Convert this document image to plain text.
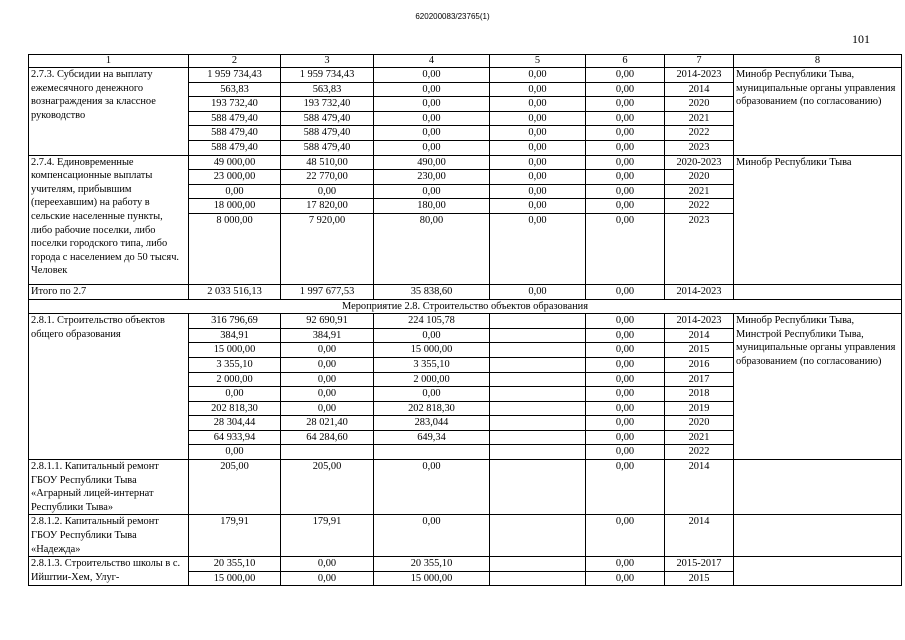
620200083/23765(1)
101
1	2	3	4	5	6	7	8
2.7.3. Субсидии на выплату ежемесячного денежного вознаграждения за классное руководство	1 959 734,43	1 959 734,43	0,00	0,00	0,00	2014-2023	Минобр Республики Тыва, муниципальные органы управления образованием (по согласованию)
	563,83	563,83	0,00	0,00	0,00	2014	
	193 732,40	193 732,40	0,00	0,00	0,00	2020	
	588 479,40	588 479,40	0,00	0,00	0,00	2021	
	588 479,40	588 479,40	0,00	0,00	0,00	2022	
	588 479,40	588 479,40	0,00	0,00	0,00	2023	
2.7.4. Единовременные компенсационные выплаты учителям, прибывшим (переехавшим) на работу в сельские населенные пункты, либо рабочие поселки, либо поселки городского типа, либо города с населением до 50 тысяч. Человек	49 000,00	48 510,00	490,00	0,00	0,00	2020-2023	Минобр Республики Тыва
	23 000,00	22 770,00	230,00	0,00	0,00	2020	
	0,00	0,00	0,00	0,00	0,00	2021	
	18 000,00	17 820,00	180,00	0,00	0,00	2022	
	8 000,00	7 920,00	80,00	0,00	0,00	2023	
Итого по 2.7	2 033 516,13	1 997 677,53	35 838,60	0,00	0,00	2014-2023	
Мероприятие 2.8. Строительство объектов образования							
2.8.1. Строительство объектов общего образования	316 796,69	92 690,91	224 105,78		0,00	2014-2023	Минобр Республики Тыва, Минстрой Республики Тыва, муниципальные органы управления образованием (по согласованию)
	384,91	384,91	0,00		0,00	2014	
	15 000,00	0,00	15 000,00		0,00	2015	
	3 355,10	0,00	3 355,10		0,00	2016	
	2 000,00	0,00	2 000,00		0,00	2017	
	0,00	0,00	0,00		0,00	2018	
	202 818,30	0,00	202 818,30		0,00	2019	
	28 304,44	28 021,40	283,044		0,00	2020	
	64 933,94	64 284,60	649,34		0,00	2021	
	0,00				0,00	2022	
2.8.1.1. Капитальный ремонт ГБОУ Республики Тыва «Аграрный лицей-интернат Республики Тыва»	205,00	205,00	0,00		0,00	2014	
2.8.1.2. Капитальный ремонт ГБОУ Республики Тыва «Надежда»	179,91	179,91	0,00		0,00	2014	
2.8.1.3. Строительство школы в с. Ийштии-Хем, Улуг-	20 355,10	0,00	20 355,10		0,00	2015-2017	
	15 000,00	0,00	15 000,00		0,00	2015	
